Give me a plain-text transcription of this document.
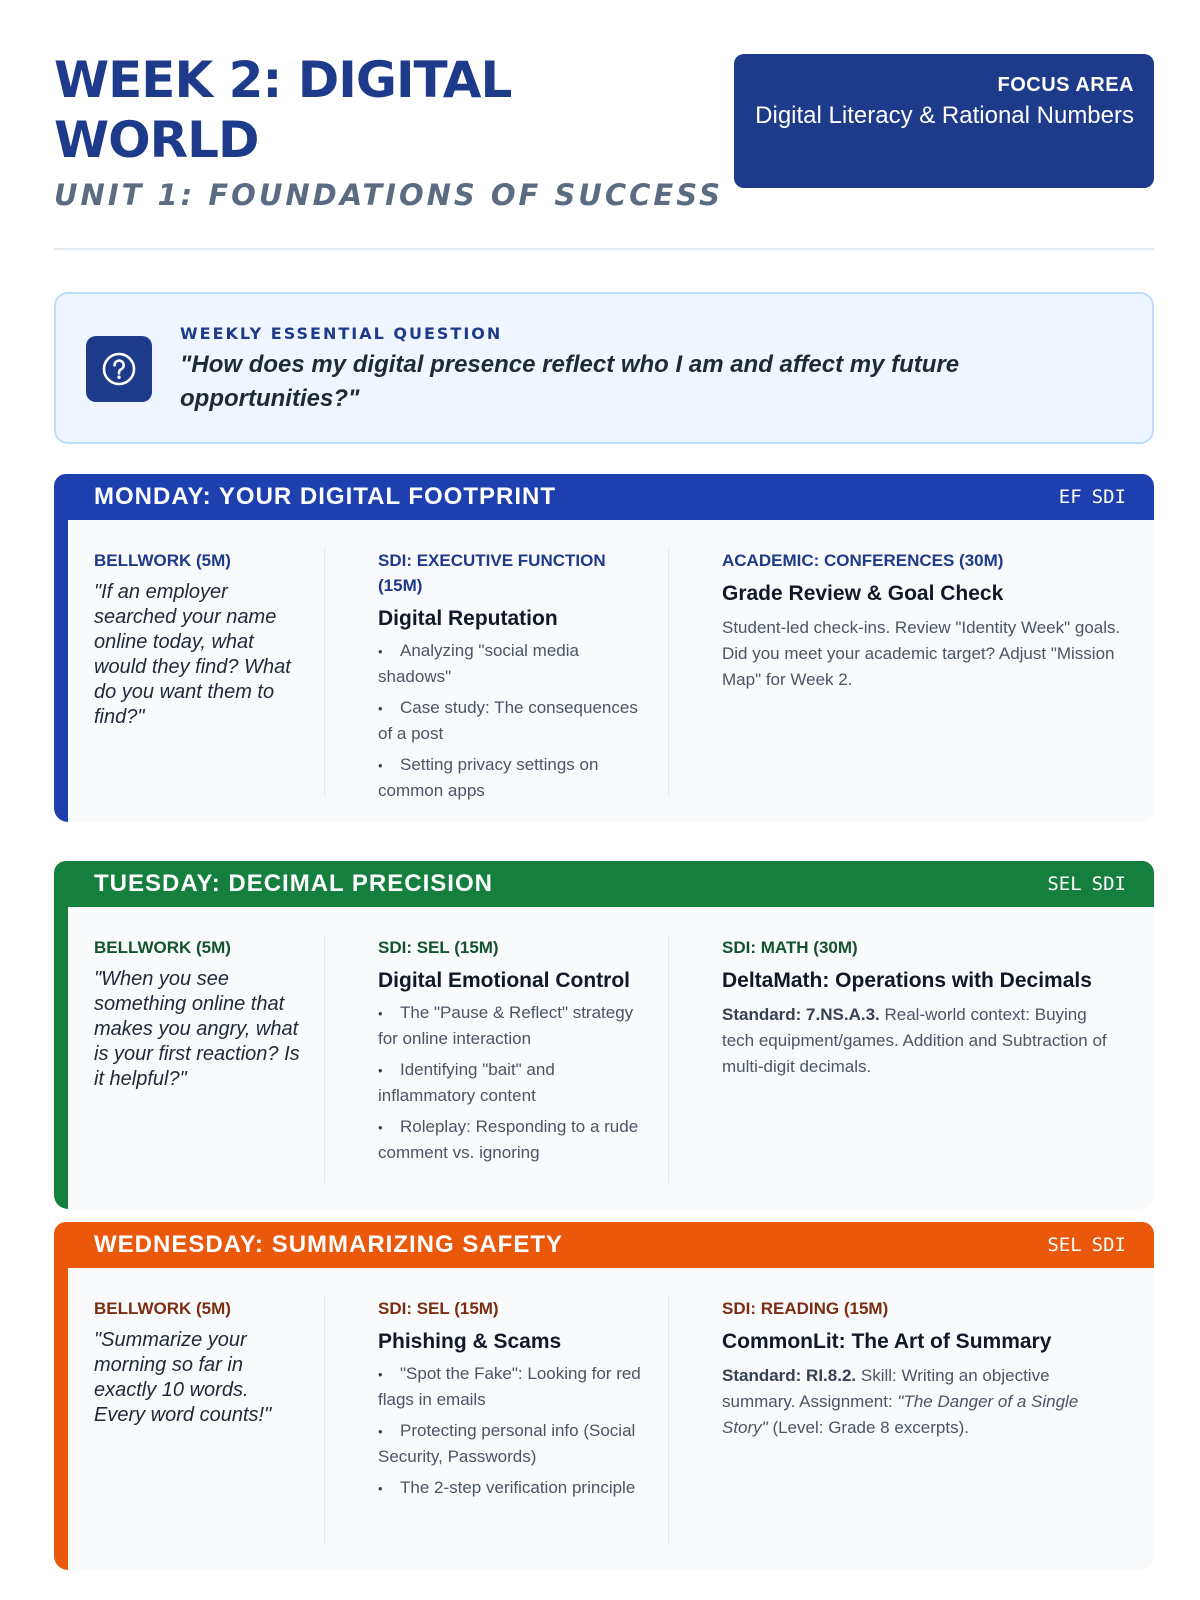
WEEK 2: DIGITAL WORLD
UNIT 1: FOUNDATIONS OF SUCCESS
FOCUS AREA
Digital Literacy & Rational Numbers
WEEKLY ESSENTIAL QUESTION
"How does my digital presence reflect who I am and affect my future opportunities?"
MONDAY: YOUR DIGITAL FOOTPRINT	EF SDI
BELLWORK (5M)
"If an employer searched your name online today, what would they find? What do you want them to find?"
SDI: EXECUTIVE FUNCTION (15M)
Digital Reputation
• Analyzing "social media shadows"
• Case study: The consequences of a post
• Setting privacy settings on common apps
ACADEMIC: CONFERENCES (30M)
Grade Review & Goal Check
Student-led check-ins. Review "Identity Week" goals. Did you meet your academic target? Adjust "Mission Map" for Week 2.
TUESDAY: DECIMAL PRECISION	SEL SDI
BELLWORK (5M)
"When you see something online that makes you angry, what is your first reaction? Is it helpful?"
SDI: SEL (15M)
Digital Emotional Control
• The "Pause & Reflect" strategy for online interaction
• Identifying "bait" and inflammatory content
• Roleplay: Responding to a rude comment vs. ignoring
SDI: MATH (30M)
DeltaMath: Operations with Decimals
Standard: 7.NS.A.3. Real-world context: Buying tech equipment/games. Addition and Subtraction of multi-digit decimals.
WEDNESDAY: SUMMARIZING SAFETY	SEL SDI
BELLWORK (5M)
"Summarize your morning so far in exactly 10 words. Every word counts!"
SDI: SEL (15M)
Phishing & Scams
• "Spot the Fake": Looking for red flags in emails
• Protecting personal info (Social Security, Passwords)
• The 2-step verification principle
SDI: READING (15M)
CommonLit: The Art of Summary
Standard: RI.8.2. Skill: Writing an objective summary. Assignment: "The Danger of a Single Story" (Level: Grade 8 excerpts).
